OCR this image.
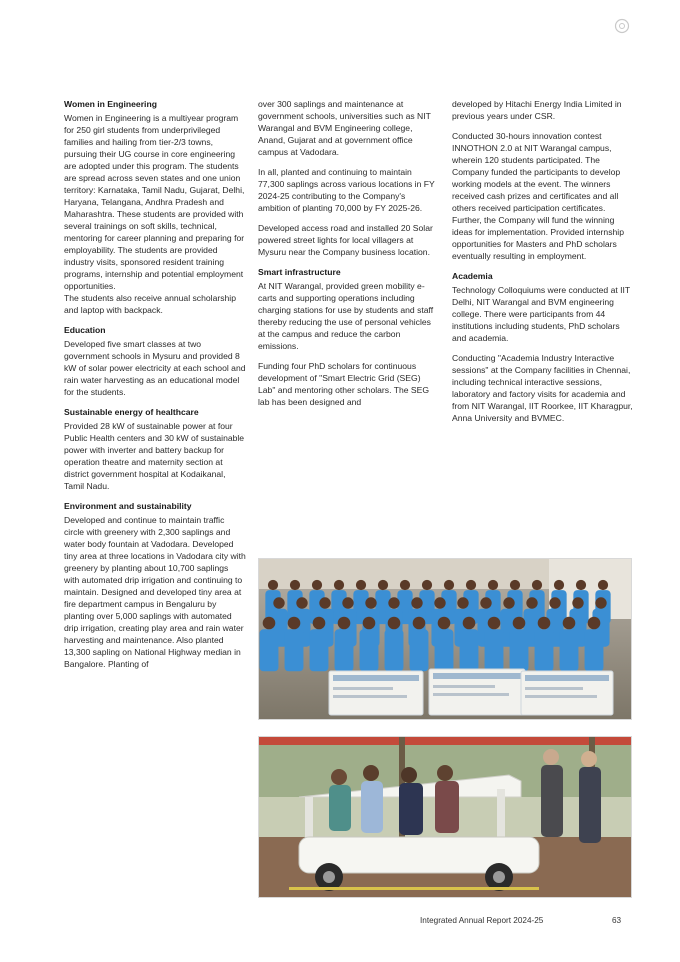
Women in Engineering

Women in Engineering is a multiyear program for 250 girl students from underprivileged families and hailing from tier-2/3 towns, pursuing their UG course in core engineering are adopted under this program. The students are spread across seven states and one union territory: Karnataka, Tamil Nadu, Gujarat, Delhi, Haryana, Telangana, Andhra Pradesh and Maharashtra. These students are provided with several trainings on soft skills, technical, mentoring for career planning and preparing for employability. The students are provided industry visits, sponsored resident training programs, internship and potential employment opportunities.

The students also receive annual scholarship and laptop with backpack.

Education

Developed five smart classes at two government schools in Mysuru and provided 8 kW of solar power electricity at each school and rain water harvesting as an educational model for the students.

Sustainable energy of healthcare

Provided 28 kW of sustainable power at four Public Health centers and 30 kW of sustainable power with inverter and battery backup for operation theatre and maternity section at district government hospital at Kodaikanal, Tamil Nadu.

Environment and sustainability

Developed and continue to maintain traffic circle with greenery with 2,300 saplings and water body fountain at Vadodara. Developed tiny area at three locations in Vadodara city with greenery by planting about 10,700 saplings with automated drip irrigation and continuing to maintain. Designed and developed tiny area at fire department campus in Bengaluru by planting over 5,000 saplings with automated drip irrigation, creating play area and rain water harvesting and maintenance. Also planted 13,300 sapling on National Highway median in Bangalore. Planting of

over 300 saplings and maintenance at government schools, universities such as NIT Warangal and BVM Engineering college, Anand, Gujarat and at government office campus at Vadodara.

In all, planted and continuing to maintain 77,300 saplings across various locations in FY 2024-25 contributing to the Company's ambition of planting 70,000 by FY 2025-26.

Developed access road and installed 20 Solar powered street lights for local villagers at Mysuru near the Company business location.

Smart infrastructure

At NIT Warangal, provided green mobility e-carts and supporting operations including charging stations for use by students and staff thereby reducing the use of personal vehicles at the campus and reduce the carbon emissions.

Funding four PhD scholars for continuous development of "Smart Electric Grid (SEG) Lab" and mentoring other scholars. The SEG lab has been designed and

developed by Hitachi Energy India Limited in previous years under CSR.

Conducted 30-hours innovation contest INNOTHON 2.0 at NIT Warangal campus, wherein 120 students participated. The Company funded the participants to develop working models at the event. The winners received cash prizes and certificates and all others received participation certificates. Further, the Company will fund the winning ideas for implementation. Provided internship opportunities for Masters and PhD scholars eventually resulting in employment.

Academia

Technology Colloquiums were conducted at IIT Delhi, NIT Warangal and BVM engineering college. There were participants from 44 institutions including students, PhD scholars and academia.

Conducting "Academia Industry Interactive sessions" at the Company facilities in Chennai, including technical interactive sessions, laboratory and factory visits for academia and from NIT Warangal, IIT Roorkee, IIT Kharagpur, Anna University and BVMEC.

Integrated Annual Report 2024-25	63
